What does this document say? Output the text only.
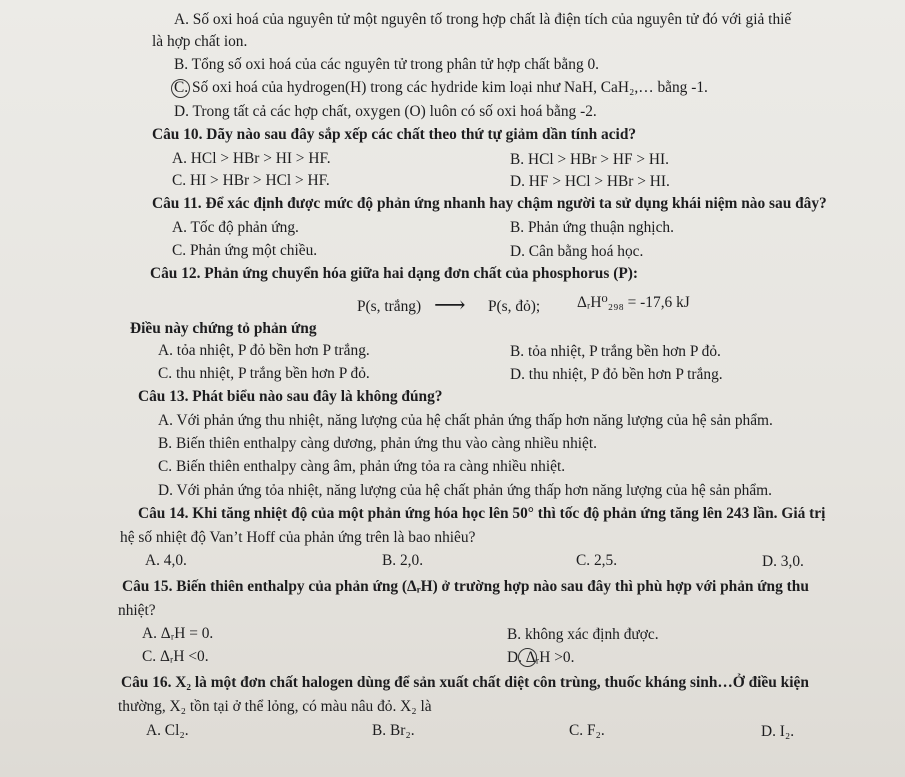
A. Số oxi hoá của nguyên tử một nguyên tố trong hợp chất là điện tích của nguyên tử đó với giả thiế
là hợp chất ion.
B. Tổng số oxi hoá của các nguyên tử trong phân tử hợp chất bằng 0.
C. Số oxi hoá của hydrogen(H) trong các hydride kim loại như NaH, CaH₂,… bằng -1.
D. Trong tất cả các hợp chất, oxygen (O) luôn có số oxi hoá bằng -2.
Câu 10. Dãy nào sau đây sắp xếp các chất theo thứ tự giảm dần tính acid?
A. HCl > HBr > HI > HF.	B. HCl > HBr > HF > HI.
C. HI > HBr > HCl > HF.	D. HF > HCl > HBr > HI.
Câu 11. Để xác định được mức độ phản ứng nhanh hay chậm người ta sử dụng khái niệm nào sau đây?
A. Tốc độ phản ứng.	B. Phản ứng thuận nghịch.
C. Phản ứng một chiều.	D. Cân bằng hoá học.
Câu 12. Phản ứng chuyển hóa giữa hai dạng đơn chất của phosphorus (P):
P(s, trắng) ⟶ P(s, đỏ); ΔᵣH⁰₂₉₈ = -17,6 kJ
Điều này chứng tỏ phản ứng
A. tỏa nhiệt, P đỏ bền hơn P trắng.	B. tỏa nhiệt, P trắng bền hơn P đỏ.
C. thu nhiệt, P trắng bền hơn P đỏ.	D. thu nhiệt, P đỏ bền hơn P trắng.
Câu 13. Phát biểu nào sau đây là không đúng?
A. Với phản ứng thu nhiệt, năng lượng của hệ chất phản ứng thấp hơn năng lượng của hệ sản phẩm.
B. Biến thiên enthalpy càng dương, phản ứng thu vào càng nhiều nhiệt.
C. Biến thiên enthalpy càng âm, phản ứng tỏa ra càng nhiều nhiệt.
D. Với phản ứng tỏa nhiệt, năng lượng của hệ chất phản ứng thấp hơn năng lượng của hệ sản phẩm.
Câu 14. Khi tăng nhiệt độ của một phản ứng hóa học lên 50° thì tốc độ phản ứng tăng lên 243 lần. Giá trị
hệ số nhiệt độ Van’t Hoff của phản ứng trên là bao nhiêu?
A. 4,0.	B. 2,0.	C. 2,5.	D. 3,0.
Câu 15. Biến thiên enthalpy của phản ứng (ΔᵣH) ở trường hợp nào sau đây thì phù hợp với phản ứng thu
nhiệt?
A. ΔᵣH = 0.	B. không xác định được.
C. ΔᵣH <0.	D. ΔᵣH >0.
Câu 16. X₂ là một đơn chất halogen dùng để sản xuất chất diệt côn trùng, thuốc kháng sinh…Ở điều kiện
thường, X₂ tồn tại ở thể lỏng, có màu nâu đỏ. X₂ là
A. Cl₂.	B. Br₂.	C. F₂.	D. I₂.
